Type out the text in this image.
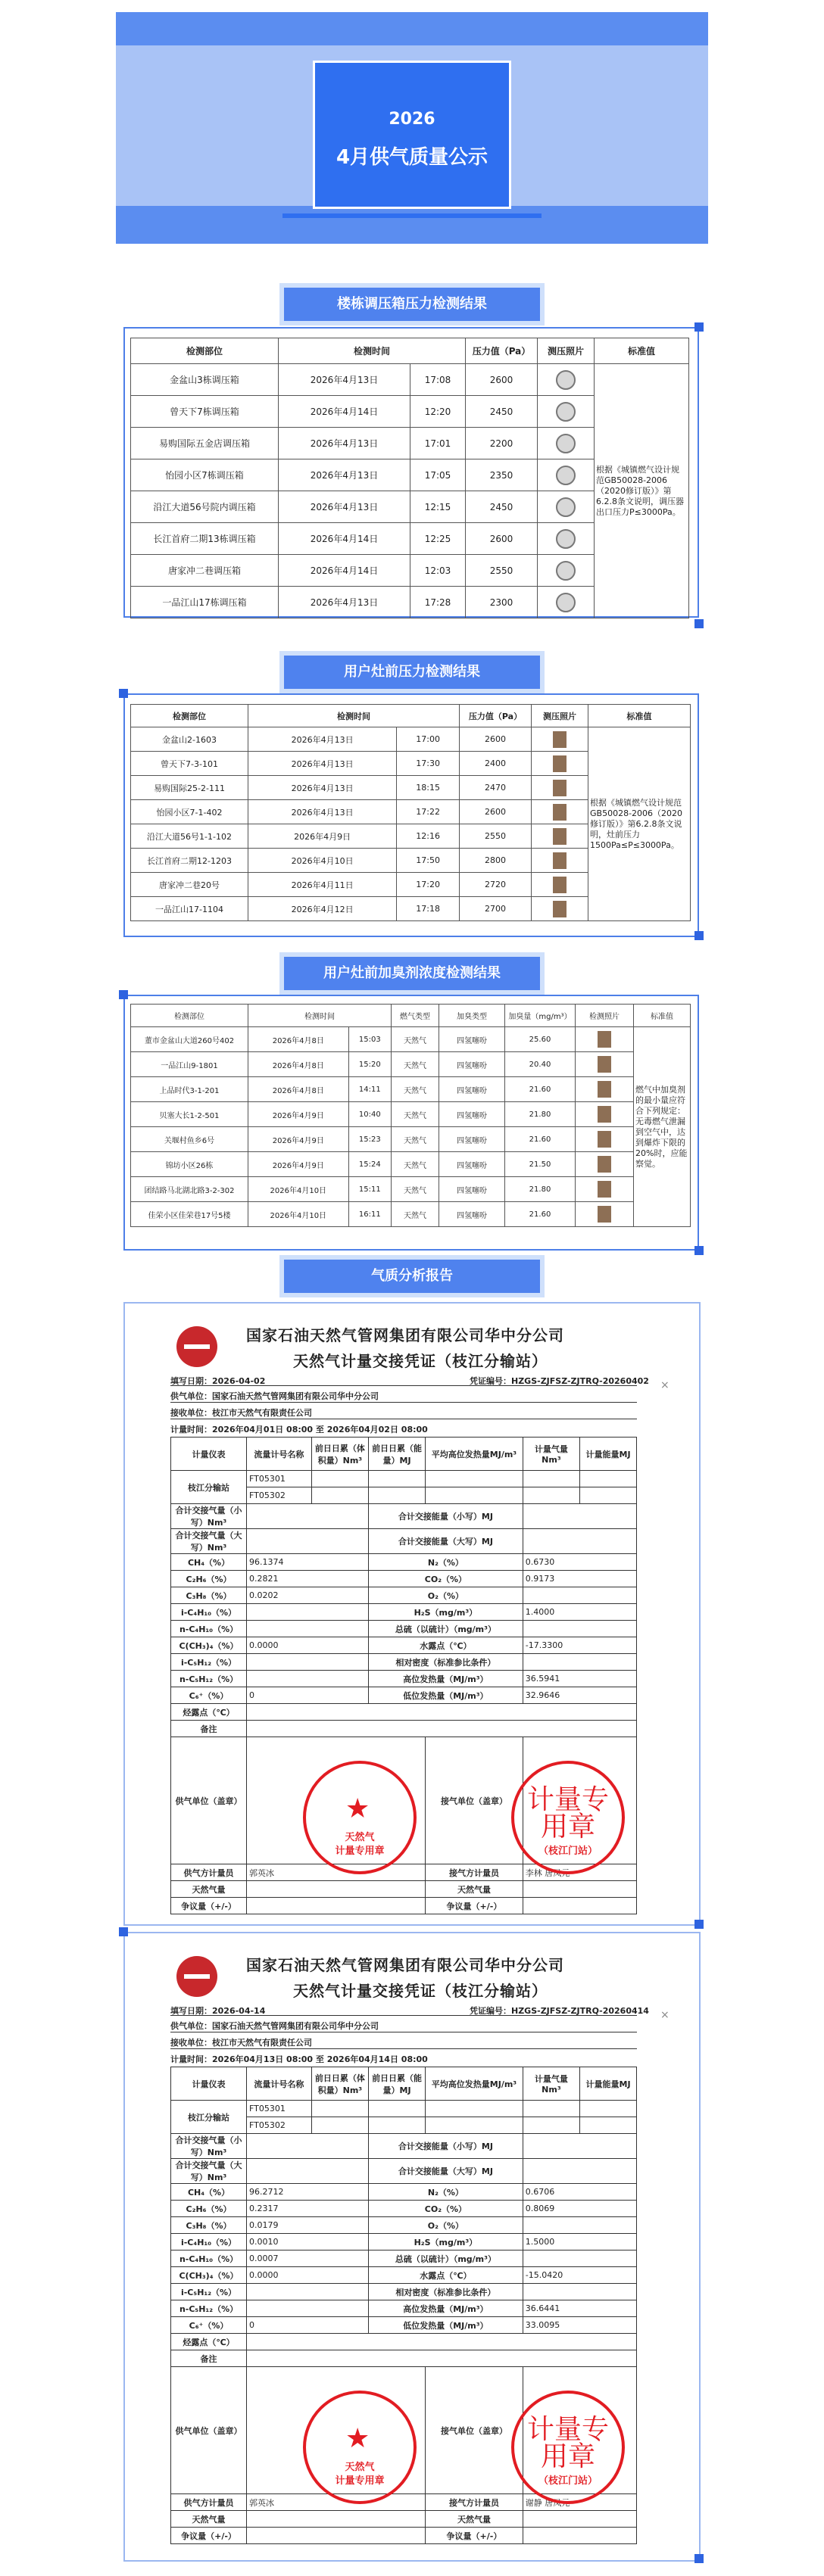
2026
4月供气质量公示
楼栋调压箱压力检测结果
检测部位	检测时间		压力值（Pa）	测压照片	标准值
金盆山3栋调压箱	2026年4月13日	17:08	2600		根据《城镇燃气设计规范GB50028-2006（2020修订版）》第6.2.8条文说明，调压器出口压力P≤3000Pa。
曾天下7栋调压箱	2026年4月14日	12:20	2450		
易购国际五金店调压箱	2026年4月13日	17:01	2200		
怡园小区7栋调压箱	2026年4月13日	17:05	2350		
沿江大道56号院内调压箱	2026年4月13日	12:15	2450		
长江首府二期13栋调压箱	2026年4月14日	12:25	2600		
唐家冲二巷调压箱	2026年4月14日	12:03	2550		
一品江山17栋调压箱	2026年4月13日	17:28	2300		
用户灶前压力检测结果
检测部位	检测时间		压力值（Pa）	测压照片	标准值
金盆山2-1603	2026年4月13日	17:00	2600		根据《城镇燃气设计规范GB50028-2006（2020修订版）》第6.2.8条文说明，灶前压力1500Pa≤P≤3000Pa。
曾天下7-3-101	2026年4月13日	17:30	2400		
易购国际25-2-111	2026年4月13日	18:15	2470		
怡园小区7-1-402	2026年4月13日	17:22	2600		
沿江大道56号1-1-102	2026年4月9日	12:16	2550		
长江首府二期12-1203	2026年4月10日	17:50	2800		
唐家冲二巷20号	2026年4月11日	17:20	2720		
一品江山17-1104	2026年4月12日	17:18	2700		
用户灶前加臭剂浓度检测结果
检测部位	检测时间		燃气类型	加臭类型	加臭量（mg/m³）	检测照片	标准值
董市金盆山大道260号402	2026年4月8日	15:03	天然气	四氢噻吩	25.60		燃气中加臭剂的最小量应符合下列规定：无毒燃气泄漏到空气中，达到爆炸下限的20%时，应能察觉。
一品江山9-1801	2026年4月8日	15:20	天然气	四氢噻吩	20.40		
上品时代3-1-201	2026年4月8日	14:11	天然气	四氢噻吩	21.60		
贝塞大长1-2-501	2026年4月9日	10:40	天然气	四氢噻吩	21.80		
关堰村鱼乡6号	2026年4月9日	15:23	天然气	四氢噻吩	21.60		
锦坊小区26栋	2026年4月9日	15:24	天然气	四氢噻吩	21.50		
团结路马北湖北路3-2-302	2026年4月10日	15:11	天然气	四氢噻吩	21.80		
佳荣小区佳荣巷17号5楼	2026年4月10日	16:11	天然气	四氢噻吩	21.60		
气质分析报告
国家石油天然气管网集团有限公司华中分公司
天然气计量交接凭证（枝江分输站）
填写日期：2026-04-02	凭证编号：HZGS-ZJFSZ-ZJTRQ-20260402
供气单位：国家石油天然气管网集团有限公司华中分公司
接收单位：枝江市天然气有限责任公司
计量时间：2026年04月01日 08:00 至 2026年04月02日 08:00
计量仪表	流量计号名称	前日日累（体积量）Nm³	前日日累（能量）MJ	平均高位发热量MJ/m³	计量气量Nm³	计量能量MJ
枝江分输站	FT05301					
	FT05302					
合计交接气量（小写）Nm³			合计交接能量（小写）MJ			
合计交接气量（大写）Nm³			合计交接能量（大写）MJ			
CH₄（%）	96.1374		N₂（%）		0.6730	
C₂H₆（%）	0.2821		CO₂（%）		0.9173	
C₃H₈（%）	0.0202		O₂（%）			
i-C₄H₁₀（%）			H₂S（mg/m³）		1.4000	
n-C₄H₁₀（%）			总硫（以硫计）（mg/m³）			
C(CH₃)₄（%）	0.0000		水露点（℃）		-17.3300	
i-C₅H₁₂（%）			相对密度（标准参比条件）			
n-C₅H₁₂（%）			高位发热量（MJ/m³）		36.5941	
C₆⁺（%）	0		低位发热量（MJ/m³）		32.9646	
烃露点（℃）						
备注						
供气单位（盖章）				接气单位（盖章）		
供气方计量员	郭英冰			接气方计量员	李林 唐凤元	
天然气量				天然气量		
争议量（+/-）				争议量（+/-）		
★
天然气
计量专用章
计量专用章
（枝江门站）
×
国家石油天然气管网集团有限公司华中分公司
天然气计量交接凭证（枝江分输站）
填写日期：2026-04-14	凭证编号：HZGS-ZJFSZ-ZJTRQ-20260414
供气单位：国家石油天然气管网集团有限公司华中分公司
接收单位：枝江市天然气有限责任公司
计量时间：2026年04月13日 08:00 至 2026年04月14日 08:00
计量仪表	流量计号名称	前日日累（体积量）Nm³	前日日累（能量）MJ	平均高位发热量MJ/m³	计量气量Nm³	计量能量MJ
枝江分输站	FT05301					
	FT05302					
合计交接气量（小写）Nm³			合计交接能量（小写）MJ			
合计交接气量（大写）Nm³			合计交接能量（大写）MJ			
CH₄（%）	96.2712		N₂（%）		0.6706	
C₂H₆（%）	0.2317		CO₂（%）		0.8069	
C₃H₈（%）	0.0179		O₂（%）			
i-C₄H₁₀（%）	0.0010		H₂S（mg/m³）		1.5000	
n-C₄H₁₀（%）	0.0007		总硫（以硫计）（mg/m³）			
C(CH₃)₄（%）	0.0000		水露点（℃）		-15.0420	
i-C₅H₁₂（%）			相对密度（标准参比条件）			
n-C₅H₁₂（%）			高位发热量（MJ/m³）		36.6441	
C₆⁺（%）	0		低位发热量（MJ/m³）		33.0095	
烃露点（℃）						
备注						
供气单位（盖章）				接气单位（盖章）		
供气方计量员	郭英冰			接气方计量员	谢静 唐凤元	
天然气量				天然气量		
争议量（+/-）				争议量（+/-）		
★
天然气
计量专用章
计量专用章
（枝江门站）
×
